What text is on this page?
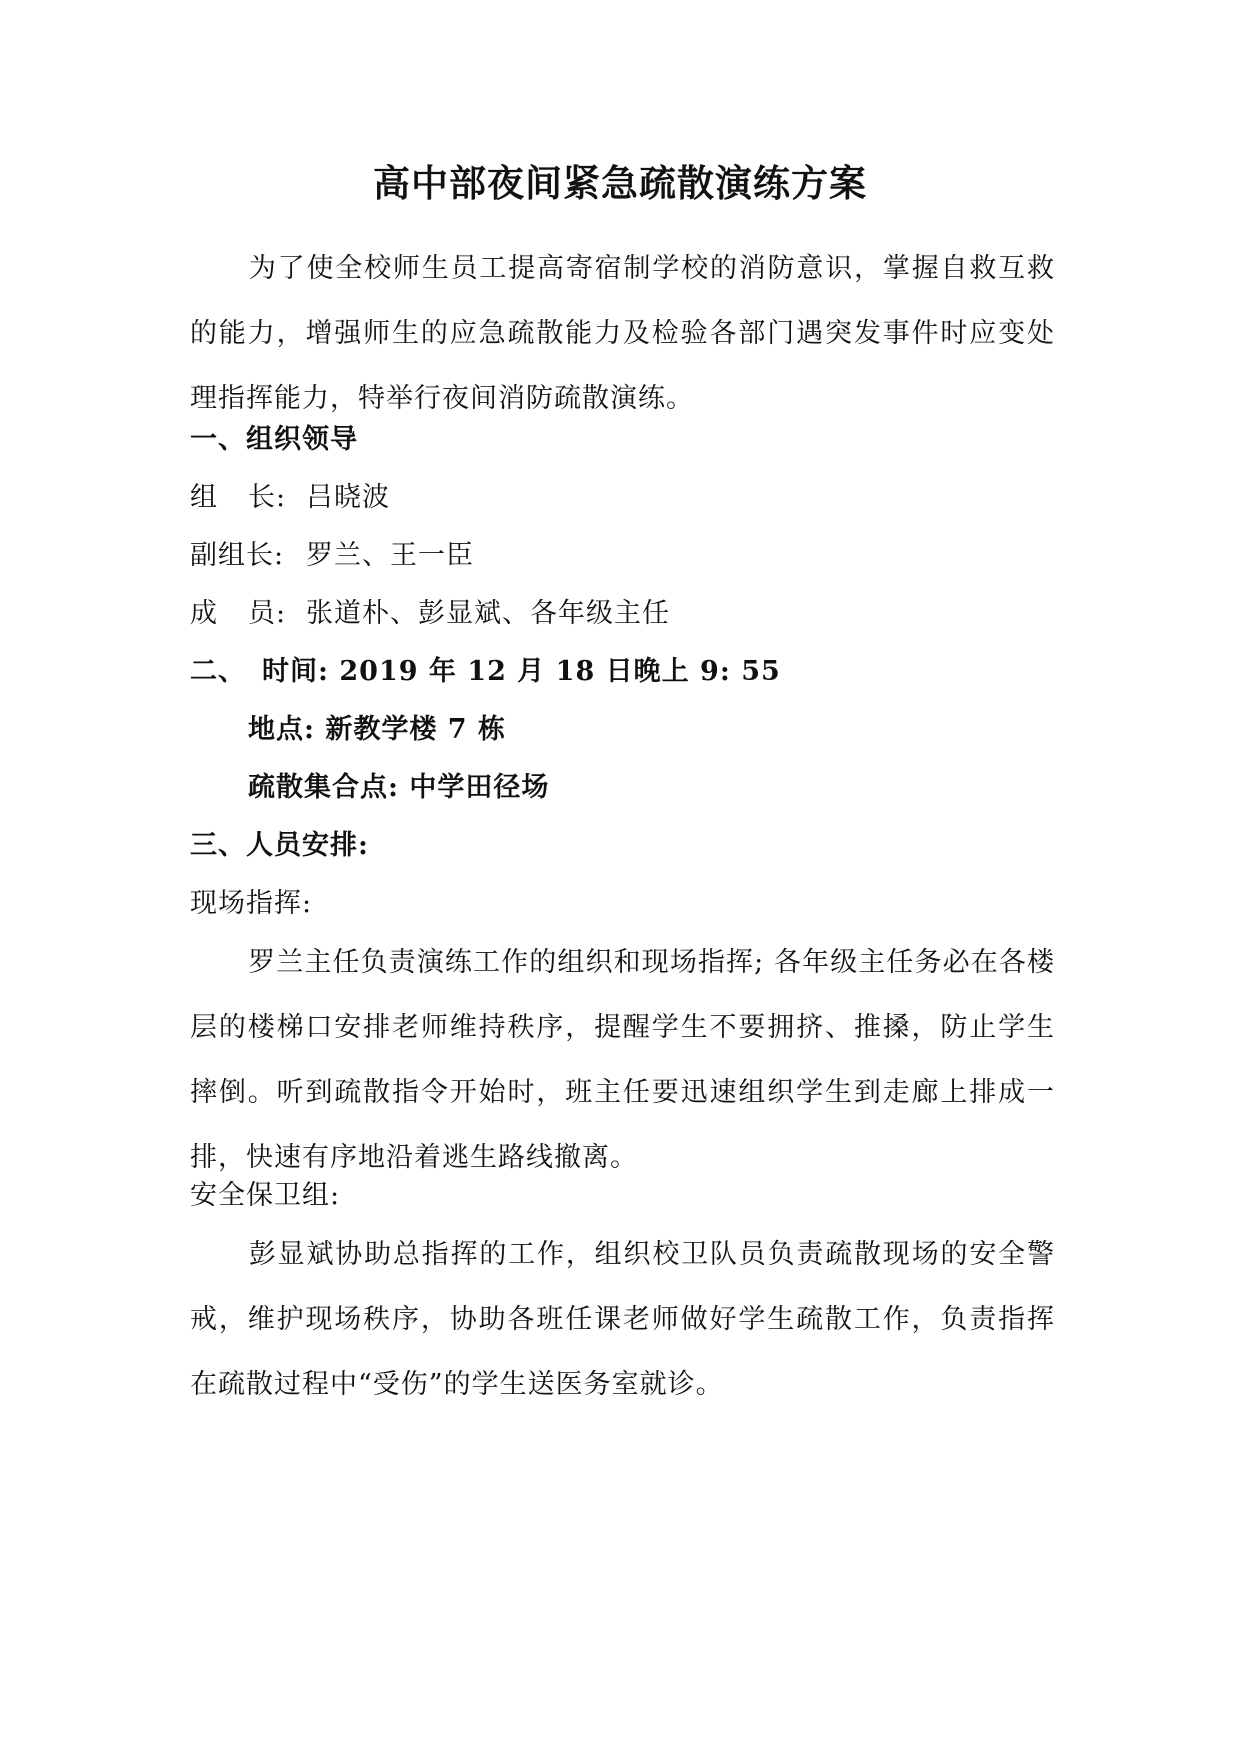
高中部夜间紧急疏散演练方案
为了使全校师生员工提高寄宿制学校的消防意识，掌握自救互救的能力，增强师生的应急疏散能力及检验各部门遇突发事件时应变处理指挥能力，特举行夜间消防疏散演练。
一、组织领导
组 长: 吕晓波
副组长: 罗兰、王一臣
成 员: 张道朴、彭显斌、各年级主任
二、 时间: 2019 年 12 月 18 日晚上 9: 55
地点: 新教学楼 7 栋
疏散集合点: 中学田径场
三、人员安排:
现场指挥:
罗兰主任负责演练工作的组织和现场指挥; 各年级主任务必在各楼层的楼梯口安排老师维持秩序，提醒学生不要拥挤、推搡，防止学生摔倒。听到疏散指令开始时，班主任要迅速组织学生到走廊上排成一排，快速有序地沿着逃生路线撤离。
安全保卫组:
彭显斌协助总指挥的工作，组织校卫队员负责疏散现场的安全警戒，维护现场秩序，协助各班任课老师做好学生疏散工作，负责指挥在疏散过程中“受伤”的学生送医务室就诊。
